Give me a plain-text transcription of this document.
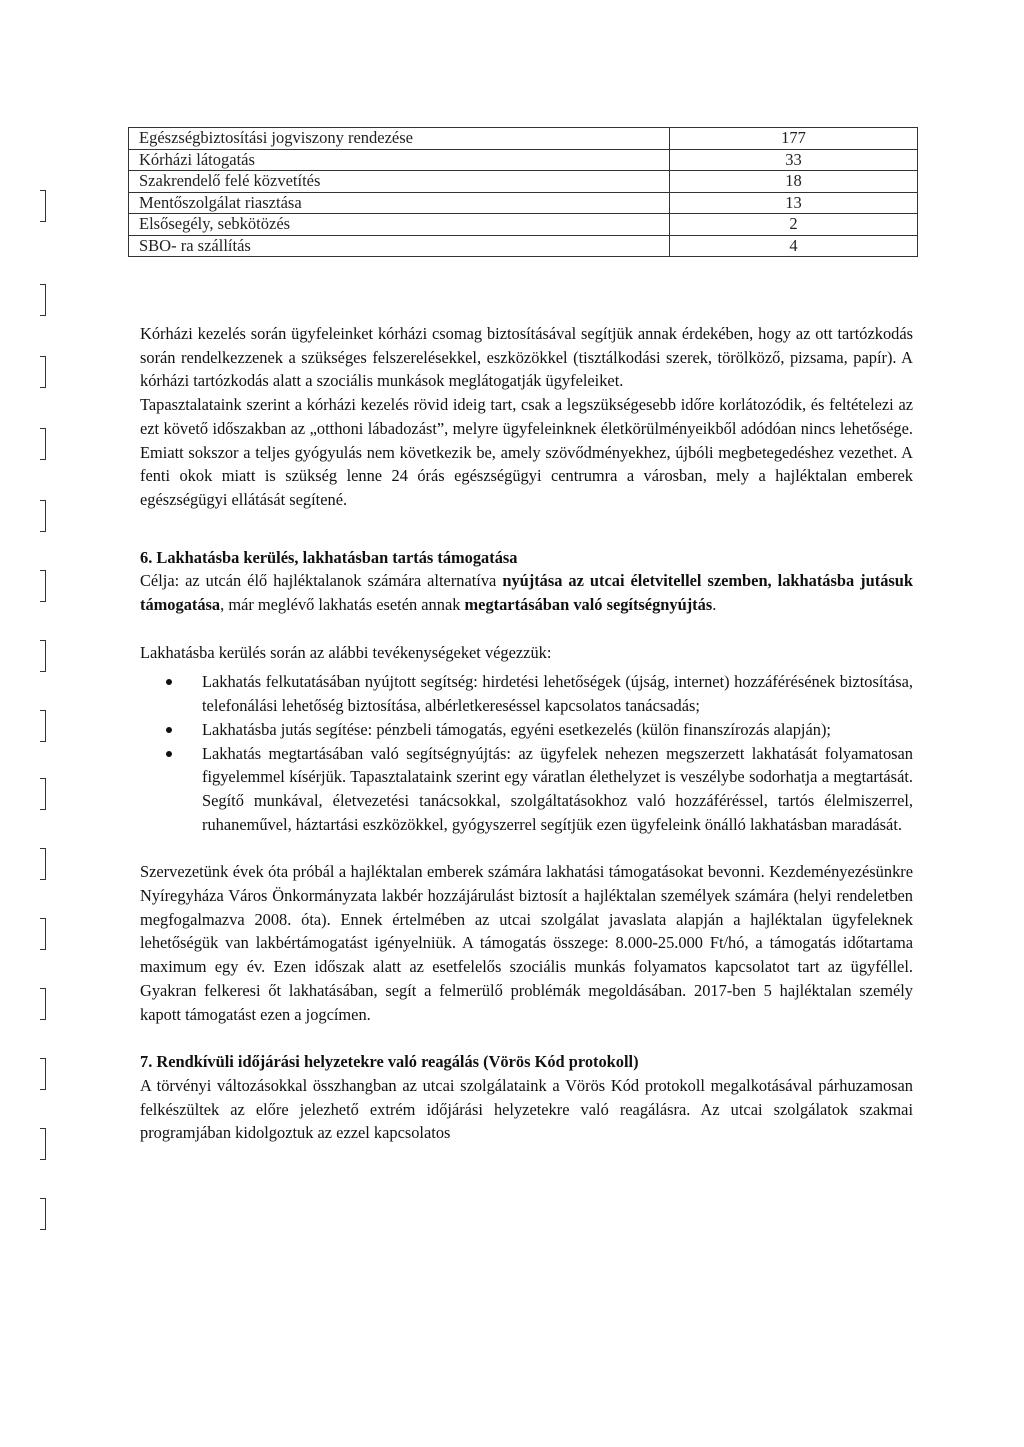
Egészségbiztosítási jogviszony rendezése	177
Kórházi látogatás	33
Szakrendelő felé közvetítés	18
Mentőszolgálat riasztása	13
Elsősegély, sebkötözés	2
SBO- ra szállítás	4

Kórházi kezelés során ügyfeleinket kórházi csomag biztosításával segítjük annak érdekében, hogy az ott tartózkodás során rendelkezzenek a szükséges felszerelésekkel, eszközökkel (tisztálkodási szerek, törölköző, pizsama, papír). A kórházi tartózkodás alatt a szociális munkások meglátogatják ügyfeleiket.

Tapasztalataink szerint a kórházi kezelés rövid ideig tart, csak a legszükségesebb időre korlátozódik, és feltételezi az ezt követő időszakban az „otthoni lábadozást”, melyre ügyfeleinknek életkörülményeikből adódóan nincs lehetősége. Emiatt sokszor a teljes gyógyulás nem következik be, amely szövődményekhez, újbóli megbetegedéshez vezethet. A fenti okok miatt is szükség lenne 24 órás egészségügyi centrumra a városban, mely a hajléktalan emberek egészségügyi ellátását segítené.

6. Lakhatásba kerülés, lakhatásban tartás támogatása

Célja: az utcán élő hajléktalanok számára alternatíva nyújtása az utcai életvitellel szemben, lakhatásba jutásuk támogatása, már meglévő lakhatás esetén annak megtartásában való segítségnyújtás.

Lakhatásba kerülés során az alábbi tevékenységeket végezzük:

Lakhatás felkutatásában nyújtott segítség: hirdetési lehetőségek (újság, internet) hozzáférésének biztosítása, telefonálási lehetőség biztosítása, albérletkereséssel kapcsolatos tanácsadás;
Lakhatásba jutás segítése: pénzbeli támogatás, egyéni esetkezelés (külön finanszírozás alapján);
Lakhatás megtartásában való segítségnyújtás: az ügyfelek nehezen megszerzett lakhatását folyamatosan figyelemmel kísérjük. Tapasztalataink szerint egy váratlan élethelyzet is veszélybe sodorhatja a megtartását. Segítő munkával, életvezetési tanácsokkal, szolgáltatásokhoz való hozzáféréssel, tartós élelmiszerrel, ruhaneművel, háztartási eszközökkel, gyógyszerrel segítjük ezen ügyfeleink önálló lakhatásban maradását.

Szervezetünk évek óta próbál a hajléktalan emberek számára lakhatási támogatásokat bevonni. Kezdeményezésünkre Nyíregyháza Város Önkormányzata lakbér hozzájárulást biztosít a hajléktalan személyek számára (helyi rendeletben megfogalmazva 2008. óta). Ennek értelmében az utcai szolgálat javaslata alapján a hajléktalan ügyfeleknek lehetőségük van lakbértámogatást igényelniük. A támogatás összege: 8.000-25.000 Ft/hó, a támogatás időtartama maximum egy év. Ezen időszak alatt az esetfelelős szociális munkás folyamatos kapcsolatot tart az ügyféllel. Gyakran felkeresi őt lakhatásában, segít a felmerülő problémák megoldásában. 2017-ben 5 hajléktalan személy kapott támogatást ezen a jogcímen.

7. Rendkívüli időjárási helyzetekre való reagálás (Vörös Kód protokoll)

A törvényi változásokkal összhangban az utcai szolgálataink a Vörös Kód protokoll megalkotásával párhuzamosan felkészültek az előre jelezhető extrém időjárási helyzetekre való reagálásra. Az utcai szolgálatok szakmai programjában kidolgoztuk az ezzel kapcsolatos
